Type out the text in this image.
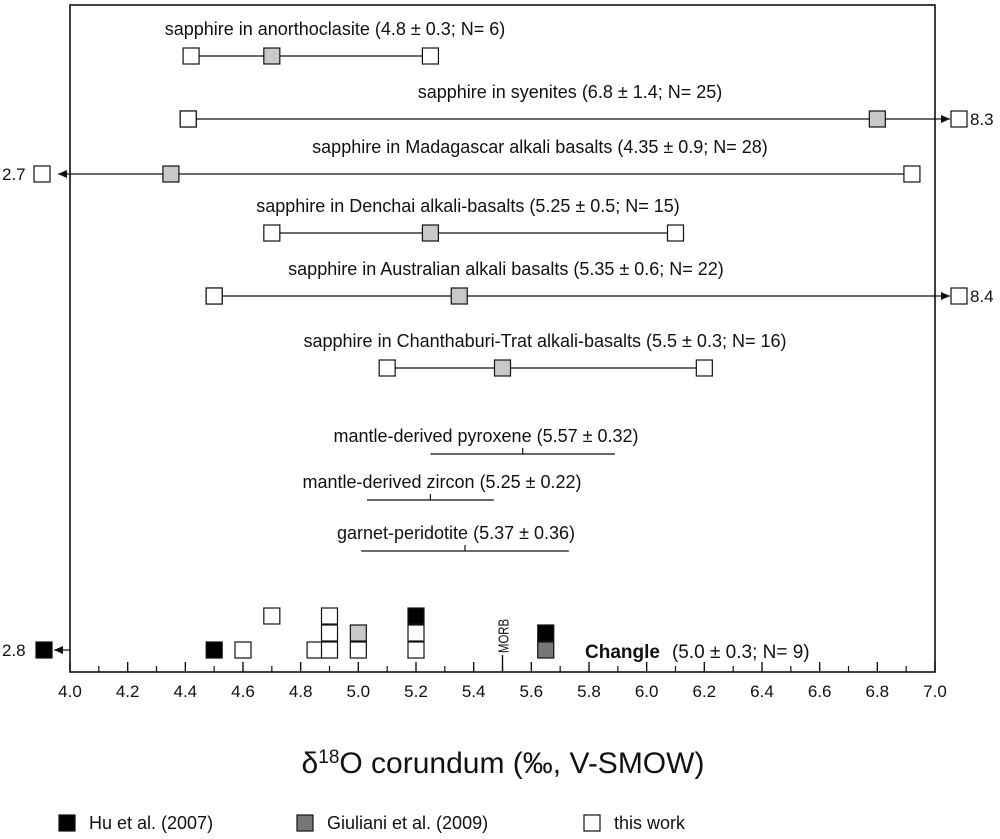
4.0 4.2 4.4 4.6 4.8 5.0 5.2 5.4 5.6 5.8 6.0 6.2 6.4 6.6 6.8 7.0
$\delta^{18}O$ corundum (‰, V-SMOW)
sapphire in anorthoclasite (4.8 ± 0.3; N= 6)
sapphire in syenites (6.8 ± 1.4; N= 25)
8.3
sapphire in Madagascar alkali basalts (4.35 ± 0.9; N= 28)
2.7
sapphire in Denchai alkali-basalts (5.25 ± 0.5; N= 15)
sapphire in Australian alkali basalts (5.35 ± 0.6; N= 22)
8.4
sapphire in Chanthaburi-Trat alkali-basalts (5.5 ± 0.3; N= 16)
mantle-derived pyroxene (5.57 ± 0.32)
mantle-derived zircon (5.25 ± 0.22)
garnet-peridotite (5.37 ± 0.36)
MORB
2.8	Changle (5.0 ± 0.3; N= 9)
Hu et al. (2007)	Giuliani et al. (2009)	this work
